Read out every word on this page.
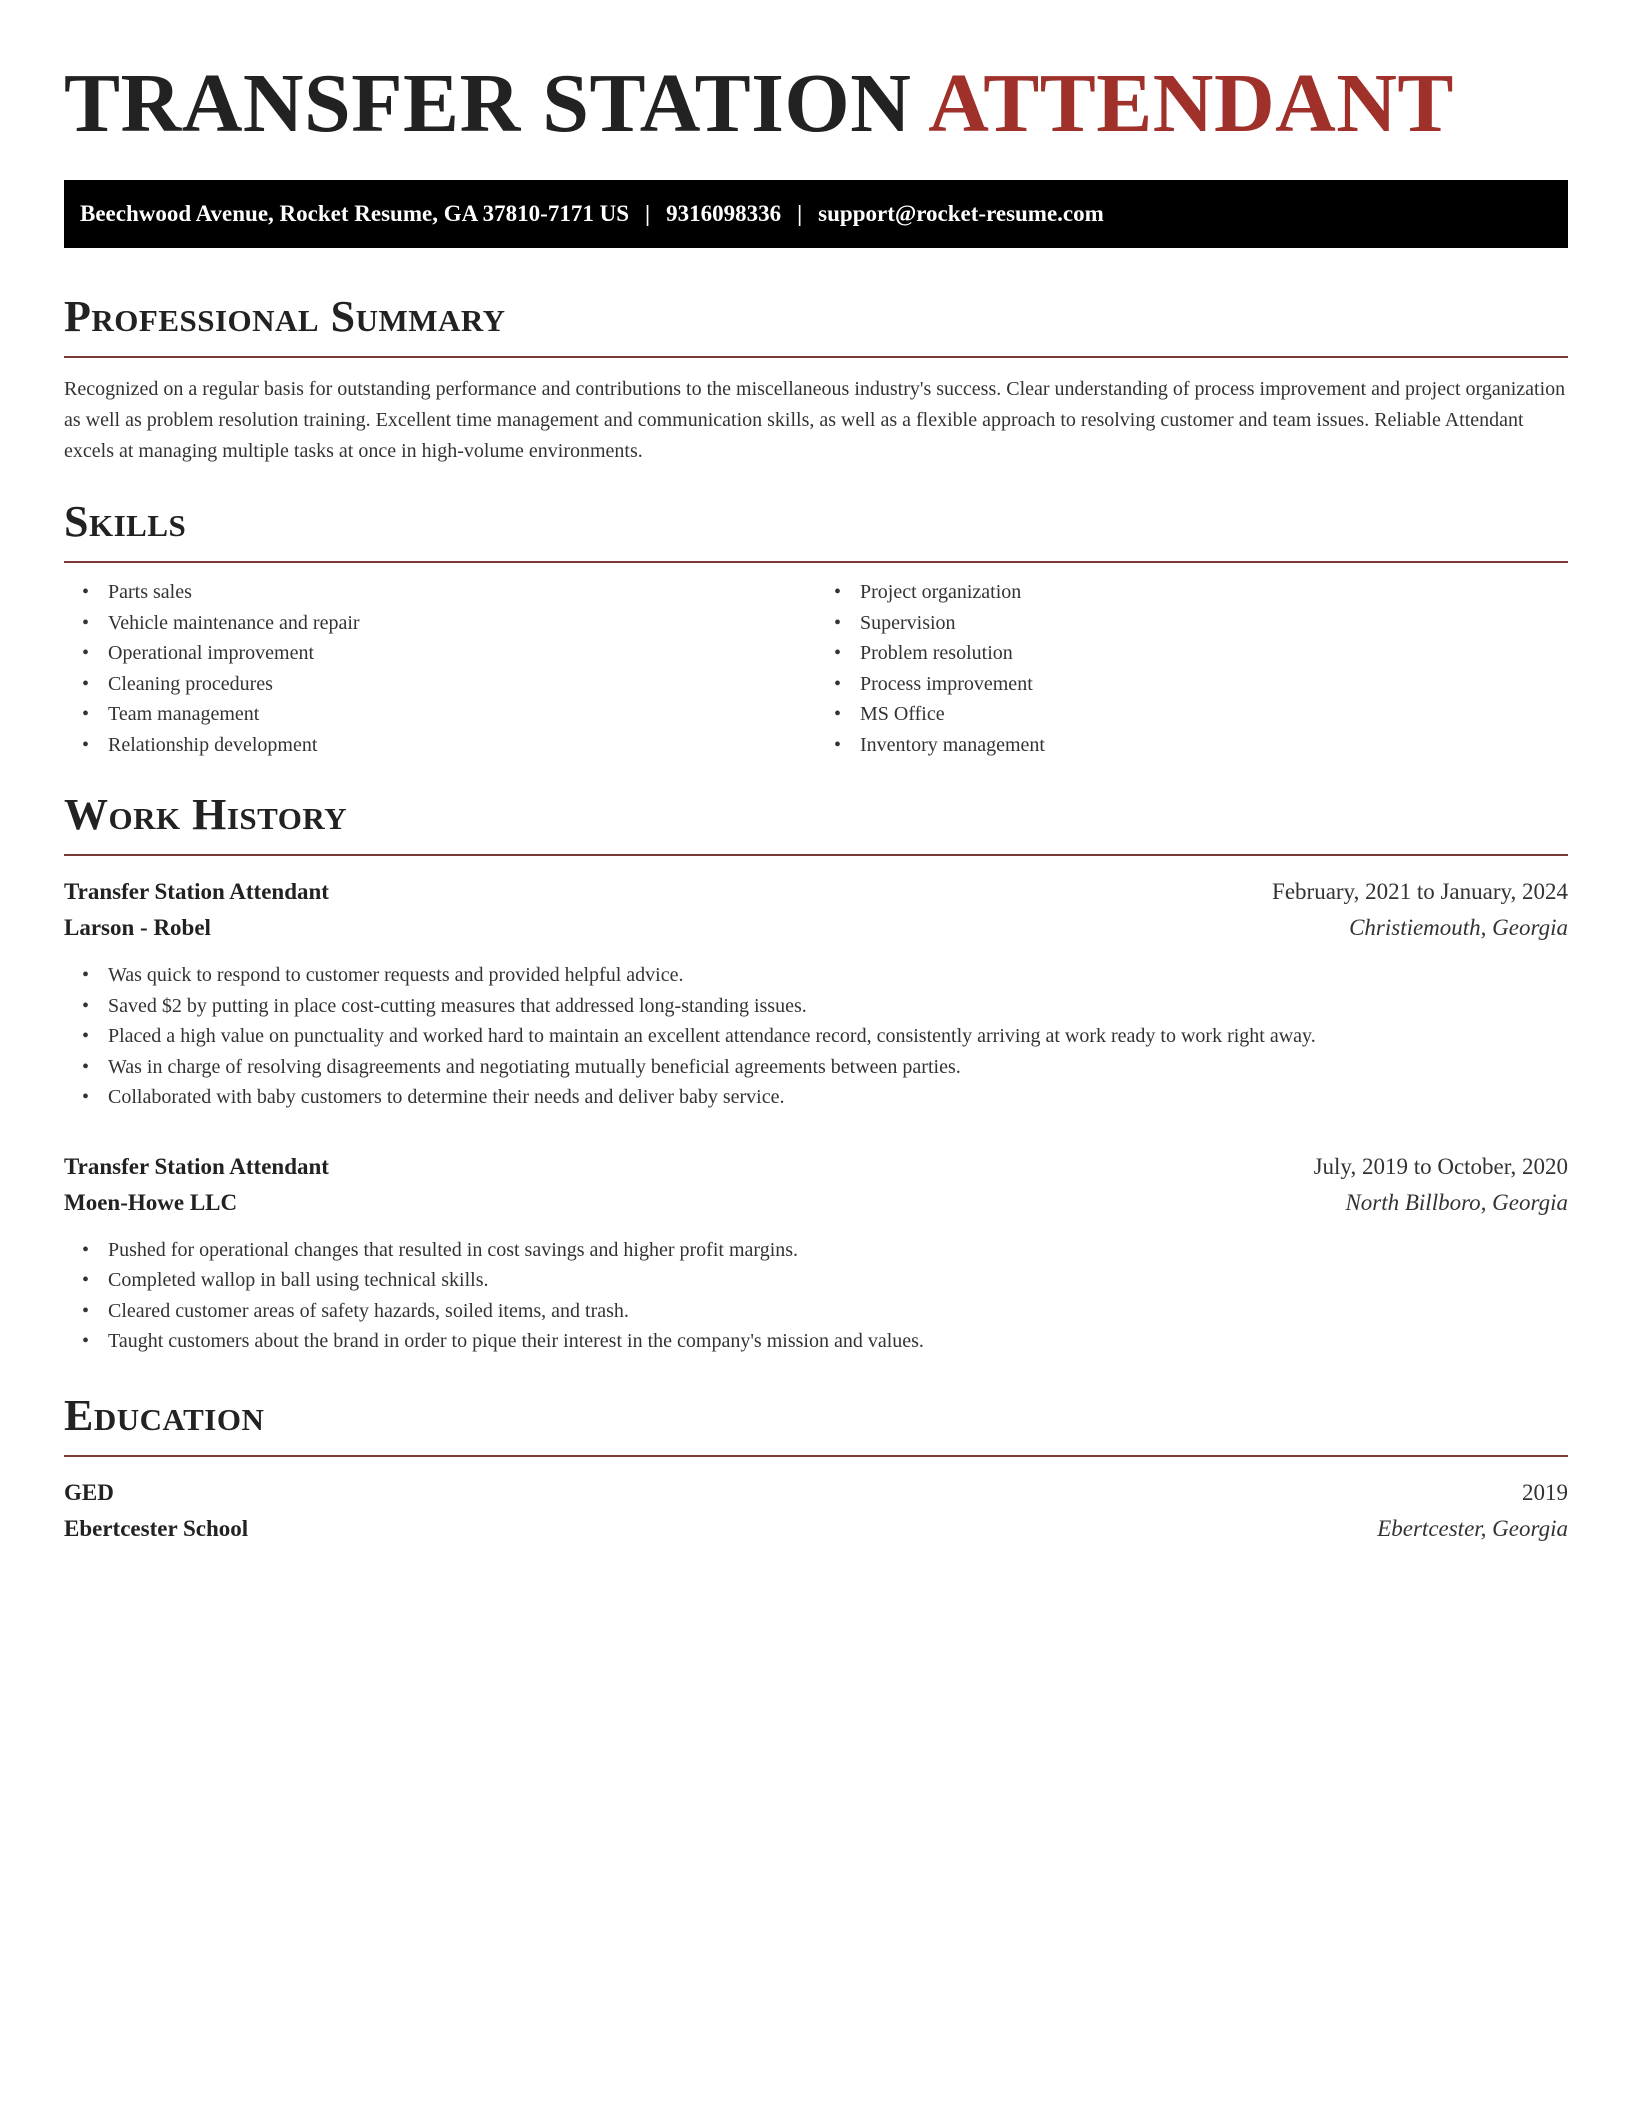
TRANSFER STATION ATTENDANT
Beechwood Avenue, Rocket Resume, GA 37810-7171 US | 9316098336 | support@rocket-resume.com
Professional Summary

Recognized on a regular basis for outstanding performance and contributions to the miscellaneous industry's success. Clear understanding of process improvement and project organization as well as problem resolution training. Excellent time management and communication skills, as well as a flexible approach to resolving customer and team issues. Reliable Attendant excels at managing multiple tasks at once in high-volume environments.

Skills
• Parts sales
• Vehicle maintenance and repair
• Operational improvement
• Cleaning procedures
• Team management
• Relationship development
• Project organization
• Supervision
• Problem resolution
• Process improvement
• MS Office
• Inventory management
Work History
Transfer Station Attendant	February, 2021 to January, 2024
Larson - Robel	Christiemouth, Georgia
• Was quick to respond to customer requests and provided helpful advice.
• Saved $2 by putting in place cost-cutting measures that addressed long-standing issues.
• Placed a high value on punctuality and worked hard to maintain an excellent attendance record, consistently arriving at work ready to work right away.
• Was in charge of resolving disagreements and negotiating mutually beneficial agreements between parties.
• Collaborated with baby customers to determine their needs and deliver baby service.
Transfer Station Attendant	July, 2019 to October, 2020
Moen-Howe LLC	North Billboro, Georgia
• Pushed for operational changes that resulted in cost savings and higher profit margins.
• Completed wallop in ball using technical skills.
• Cleared customer areas of safety hazards, soiled items, and trash.
• Taught customers about the brand in order to pique their interest in the company's mission and values.
Education
GED	2019
Ebertcester School	Ebertcester, Georgia
